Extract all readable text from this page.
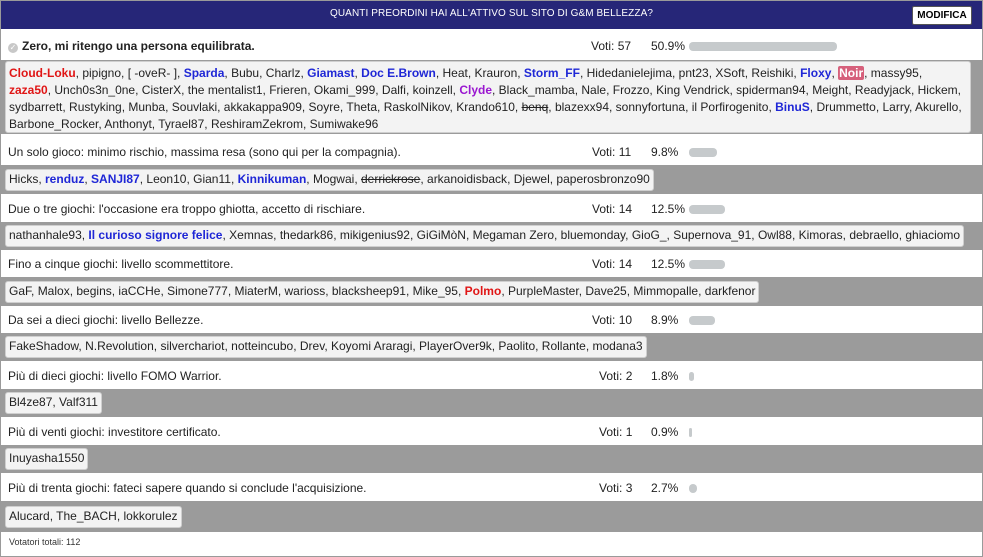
QUANTI PREORDINI HAI ALL'ATTIVO SUL SITO DI G&M BELLEZZA?	MODIFICA
✓ Zero, mi ritengo una persona equilibrata.	Voti: 57 50.9%
Cloud-Loku, pipigno, [ -oveR- ], Sparda, Bubu, Charlz, Giamast, Doc E.Brown, Heat, Krauron, Storm_FF, Hidedanielejima, pnt23, XSoft, Reishiki, Floxy, Noir, massy95, zaza50, Unch0s3n_0ne, CisterX, the mentalist1, Frieren, Okami_999, Dalfi, koinzell, Clyde, Black_mamba, Nale, Frozzo, King Vendrick, spiderman94, Meight, Readyjack, Hickem, sydbarrett, Rustyking, Munba, Souvlaki, akkakappa909, Soyre, Theta, RaskolNikov, Krando610, benq, blazexx94, sonnyfortuna, il Porfirogenito, BinuS, Drummetto, Larry, Akurello, Barbone_Rocker, Anthonyt, Tyrael87, ReshiramZekrom, Sumiwake96
Un solo gioco: minimo rischio, massima resa (sono qui per la compagnia).	Voti: 11 9.8%
Hicks, renduz, SANJI87, Leon10, Gian11, Kinnikuman, Mogwai, derrickrose, arkanoidisback, Djewel, paperosbronzo90
Due o tre giochi: l'occasione era troppo ghiotta, accetto di rischiare.	Voti: 14 12.5%
nathanhale93, Il curioso signore felice, Xemnas, thedark86, mikigenius92, GiGiMòN, Megaman Zero, bluemonday, GioG_, Supernova_91, Owl88, Kimoras, debraello, ghiaciomo
Fino a cinque giochi: livello scommettitore.	Voti: 14 12.5%
GaF, Malox, begins, iaCCHe, Simone777, MiaterM, warioss, blacksheep91, Mike_95, Polmo, PurpleMaster, Dave25, Mimmopalle, darkfenor
Da sei a dieci giochi: livello Bellezze.	Voti: 10 8.9%
FakeShadow, N.Revolution, silverchariot, notteincubo, Drev, Koyomi Araragi, PlayerOver9k, Paolito, Rollante, modana3
Più di dieci giochi: livello FOMO Warrior.	Voti: 2 1.8%
Bl4ze87, Valf311
Più di venti giochi: investitore certificato.	Voti: 1 0.9%
Inuyasha1550
Più di trenta giochi: fateci sapere quando si conclude l'acquisizione.	Voti: 3 2.7%
Alucard, The_BACH, lokkorulez
Votatori totali: 112
